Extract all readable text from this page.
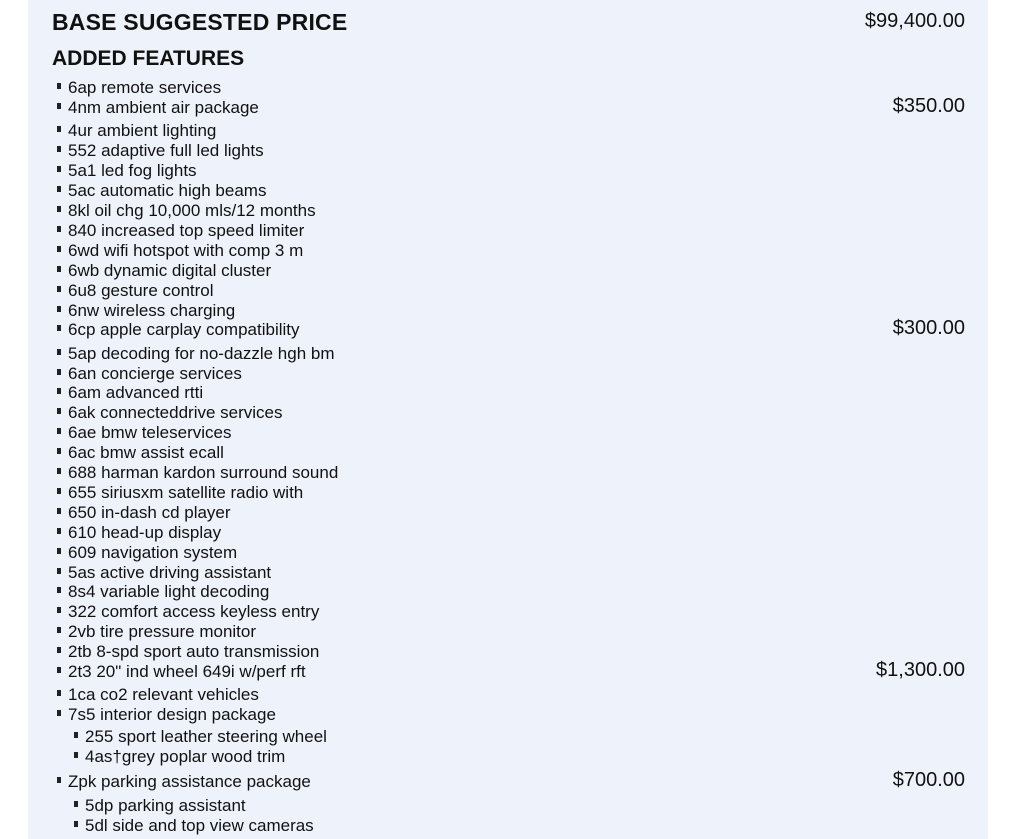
BASE SUGGESTED PRICE	$99,400.00
ADDED FEATURES
6ap remote services
4nm ambient air package	$350.00
4ur ambient lighting
552 adaptive full led lights
5a1 led fog lights
5ac automatic high beams
8kl oil chg 10,000 mls/12 months
840 increased top speed limiter
6wd wifi hotspot with comp 3 m
6wb dynamic digital cluster
6u8 gesture control
6nw wireless charging
6cp apple carplay compatibility	$300.00
5ap decoding for no-dazzle hgh bm
6an concierge services
6am advanced rtti
6ak connecteddrive services
6ae bmw teleservices
6ac bmw assist ecall
688 harman kardon surround sound
655 siriusxm satellite radio with
650 in-dash cd player
610 head-up display
609 navigation system
5as active driving assistant
8s4 variable light decoding
322 comfort access keyless entry
2vb tire pressure monitor
2tb 8-spd sport auto transmission
2t3 20" ind wheel 649i w/perf rft	$1,300.00
1ca co2 relevant vehicles
7s5 interior design package
255 sport leather steering wheel
4as†grey poplar wood trim
Zpk parking assistance package	$700.00
5dp parking assistant
5dl side and top view cameras
